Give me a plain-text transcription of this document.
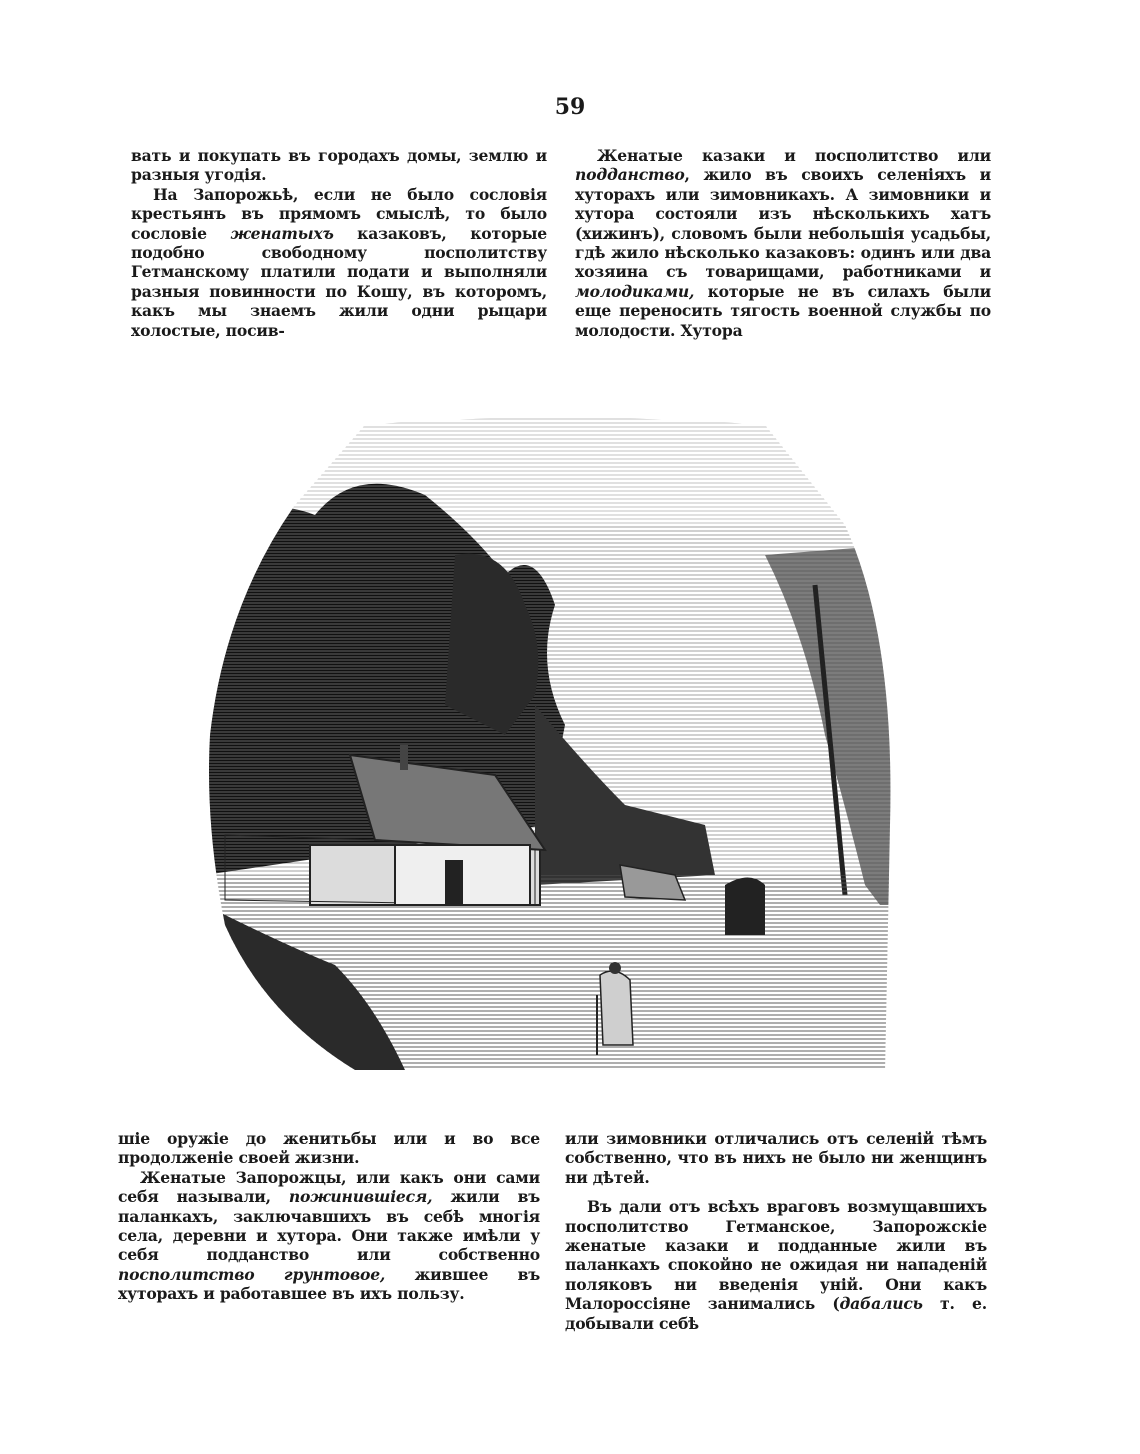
59

вать и покупать въ городахъ домы, землю и разныя угодія.

На Запорожьѣ, если не было сословія крестьянъ въ прямомъ смыслѣ, то было сословіе женатыхъ казаковъ, которые подобно свободному посполитству Гетманскому платили подати и выполняли разныя повинности по Кошу, въ которомъ, какъ мы знаемъ жили одни рыцари холостые, посив-

Женатые казаки и посполитство или подданство, жило въ своихъ селеніяхъ и хуторахъ или зимовникахъ. А зимовники и хутора состояли изъ нѣсколькихъ хатъ (хижинъ), словомъ были небольшія усадьбы, гдѣ жило нѣсколько казаковъ: одинъ или два хозяина съ товарищами, работниками и молодиками, которые не въ силахъ были еще переносить тягость военной службы по молодости. Хутора

шіе оружіе до женитьбы или и во все продолженіе своей жизни.

Женатые Запорожцы, или какъ они сами себя называли, пожинившіеся, жили въ паланкахъ, заключавшихъ въ себѣ многія села, деревни и хутора. Они также имѣли у себя подданство или собственно посполитство грунтовое, жившее въ хуторахъ и работавшее въ ихъ пользу.

или зимовники отличались отъ селеній тѣмъ собственно, что въ нихъ не было ни женщинъ ни дѣтей.

Въ дали отъ всѣхъ враговъ возмущавшихъ посполитство Гетманское, Запорожскіе женатые казаки и подданные жили въ паланкахъ спокойно не ожидая ни нападеній поляковъ ни введенія уній. Они какъ Малороссіяне занимались (дабались т. е. добывали себѣ
